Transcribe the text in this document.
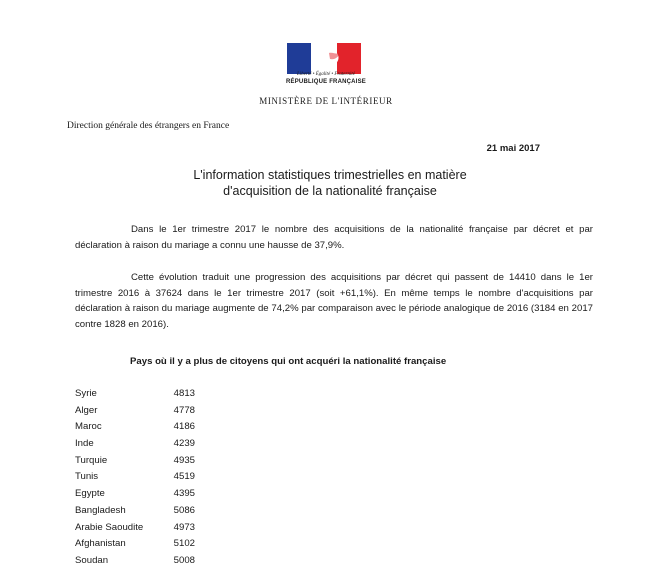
Liberté • Égalité • Fraternité
RÉPUBLIQUE FRANÇAISE
MINISTÈRE DE L'INTÉRIEUR
Direction générale des étrangers en France
21 mai 2017
L'information statistiques trimestrielles en matière
d'acquisition de la nationalité française
Dans le 1er trimestre 2017 le nombre des acquisitions de la nationalité française par décret et par déclaration à raison du mariage a connu une hausse de 37,9%.
Cette évolution traduit une progression des acquisitions par décret qui passent de 14410 dans le 1er trimestre 2016 à 37624 dans le 1er trimestre 2017 (soit +61,1%). En même temps le nombre d'acquisitions par déclaration à raison du mariage augmente de 74,2% par comparaison avec le période analogique de 2016 (3184 en 2017 contre 1828 en 2016).
Pays où il y a plus de citoyens qui ont acquéri la nationalité française
Syrie	4813
Alger	4778
Maroc	4186
Inde	4239
Turquie	4935
Tunis	4519
Egypte	4395
Bangladesh	5086
Arabie Saoudite	4973
Afghanistan	5102
Soudan	5008
